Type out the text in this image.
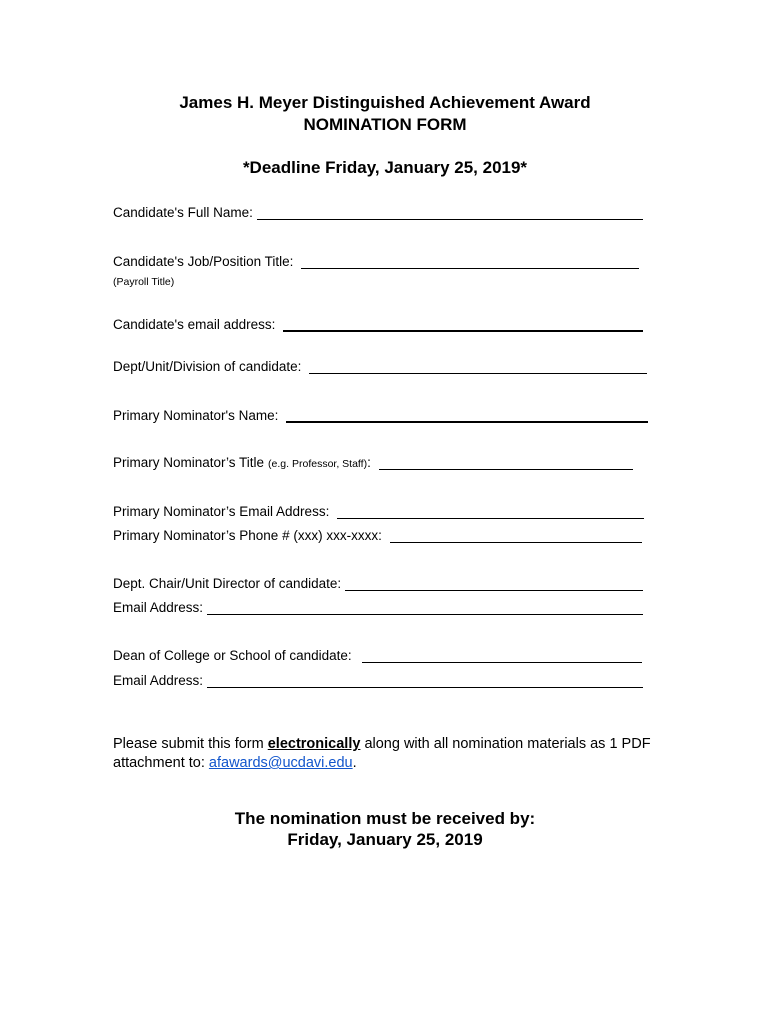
James H. Meyer Distinguished Achievement Award
NOMINATION FORM
*Deadline Friday, January 25, 2019*
Candidate's Full Name:
Candidate's Job/Position Title:
(Payroll Title)
Candidate's email address:
Dept/Unit/Division of candidate:
Primary Nominator's Name:
Primary Nominator’s Title (e.g. Professor, Staff) :
Primary Nominator’s Email Address:
Primary Nominator’s Phone # (xxx) xxx-xxxx:
Dept. Chair/Unit Director of candidate:
Email Address:
Dean of College or School of candidate:
Email Address:
Please submit this form electronically along with all nomination materials as 1 PDF attachment to: afawards@ucdavi.edu.
The nomination must be received by:
Friday, January 25, 2019
